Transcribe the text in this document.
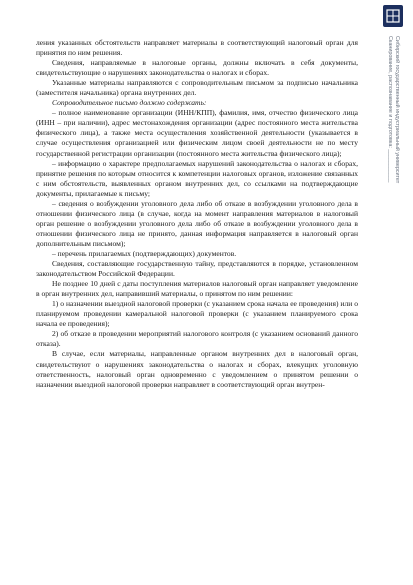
ления указанных обстоятельств направляет материалы в соответствующий налоговый орган для принятия по ним решения.

Сведения, направляемые в налоговые органы, должны включать в себя документы, свидетельствующие о нарушениях законодательства о налогах и сборах.

Указанные материалы направляются с сопроводительным письмом за подписью начальника (заместителя начальника) органа внутренних дел.

Сопроводительное письмо должно содержать:

– полное наименование организации (ИНН/КПП), фамилия, имя, отчество физического лица (ИНН – при наличии), адрес местонахождения организации (адрес постоянного места жительства физического лица), а также места осуществления хозяйственной деятельности (указывается в случае осуществления организацией или физическим лицом своей деятельности не по месту государственной регистрации организации (постоянного места жительства физического лица);

– информацию о характере предполагаемых нарушений законодательства о налогах и сборах, принятие решения по которым относится к компетенции налоговых органов, изложение связанных с ним обстоятельств, выявленных органом внутренних дел, со ссылками на подтверждающие документы, прилагаемые к письму;

– сведения о возбуждении уголовного дела либо об отказе в возбуждении уголовного дела в отношении физического лица (в случае, когда на момент направления материалов в налоговый орган решение о возбуждении уголовного дела либо об отказе в возбуждении уголовного дела в отношении физического лица не принято, данная информация направляется в налоговый орган дополнительным письмом);

– перечень прилагаемых (подтверждающих) документов.

Сведения, составляющие государственную тайну, представляются в порядке, установленном законодательством Российской Федерации.

Не позднее 10 дней с даты поступления материалов налоговый орган направляет уведомление в орган внутренних дел, направивший материалы, о принятом по ним решении:

1) о назначении выездной налоговой проверки (с указанием срока начала ее проведения) или о планируемом проведении камеральной налоговой проверки (с указанием планируемого срока начала ее проведения);

2) об отказе в проведении мероприятий налогового контроля (с указанием оснований данного отказа).

В случае, если материалы, направленные органом внутренних дел в налоговый орган, свидетельствуют о нарушениях законодательства о налогах и сборах, влекущих уголовную ответственность, налоговый орган одновременно с уведомлением о принятом решении о назначении выездной налоговой проверки направляет в соответствующий орган внутрен-

Сибирский государственный индустриальный университет
Сканирование, распознавание и подготовка: ___________
